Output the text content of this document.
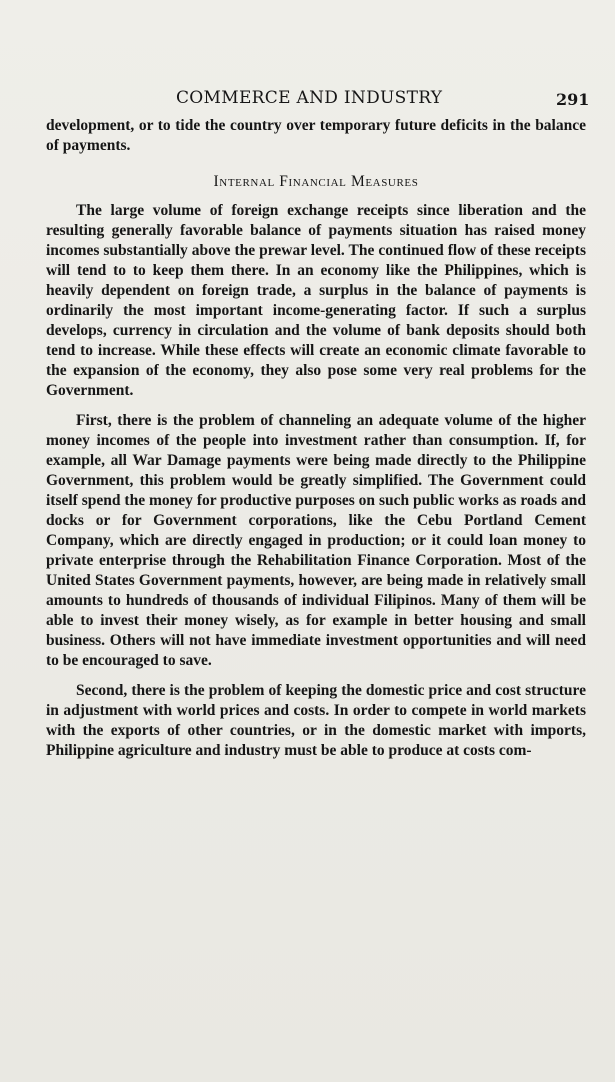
COMMERCE AND INDUSTRY	291

development, or to tide the country over temporary future deficits in the balance of payments.

Internal Financial Measures

The large volume of foreign exchange receipts since liberation and the resulting generally favorable balance of payments situation has raised money incomes substantially above the prewar level. The continued flow of these receipts will tend to to keep them there. In an economy like the Philippines, which is heavily dependent on foreign trade, a surplus in the balance of payments is ordinarily the most important income-generating factor. If such a surplus develops, currency in circulation and the volume of bank deposits should both tend to increase. While these effects will create an economic climate favorable to the expansion of the economy, they also pose some very real problems for the Government.

First, there is the problem of channeling an adequate volume of the higher money incomes of the people into investment rather than consumption. If, for example, all War Damage payments were being made directly to the Philippine Government, this problem would be greatly simplified. The Government could itself spend the money for productive purposes on such public works as roads and docks or for Government corporations, like the Cebu Portland Cement Company, which are directly engaged in production; or it could loan money to private enterprise through the Rehabilitation Finance Corporation. Most of the United States Government payments, however, are being made in relatively small amounts to hundreds of thousands of individual Filipinos. Many of them will be able to invest their money wisely, as for example in better housing and small business. Others will not have immediate investment opportunities and will need to be encouraged to save.

Second, there is the problem of keeping the domestic price and cost structure in adjustment with world prices and costs. In order to compete in world markets with the exports of other countries, or in the domestic market with imports, Philippine agriculture and industry must be able to produce at costs com-
